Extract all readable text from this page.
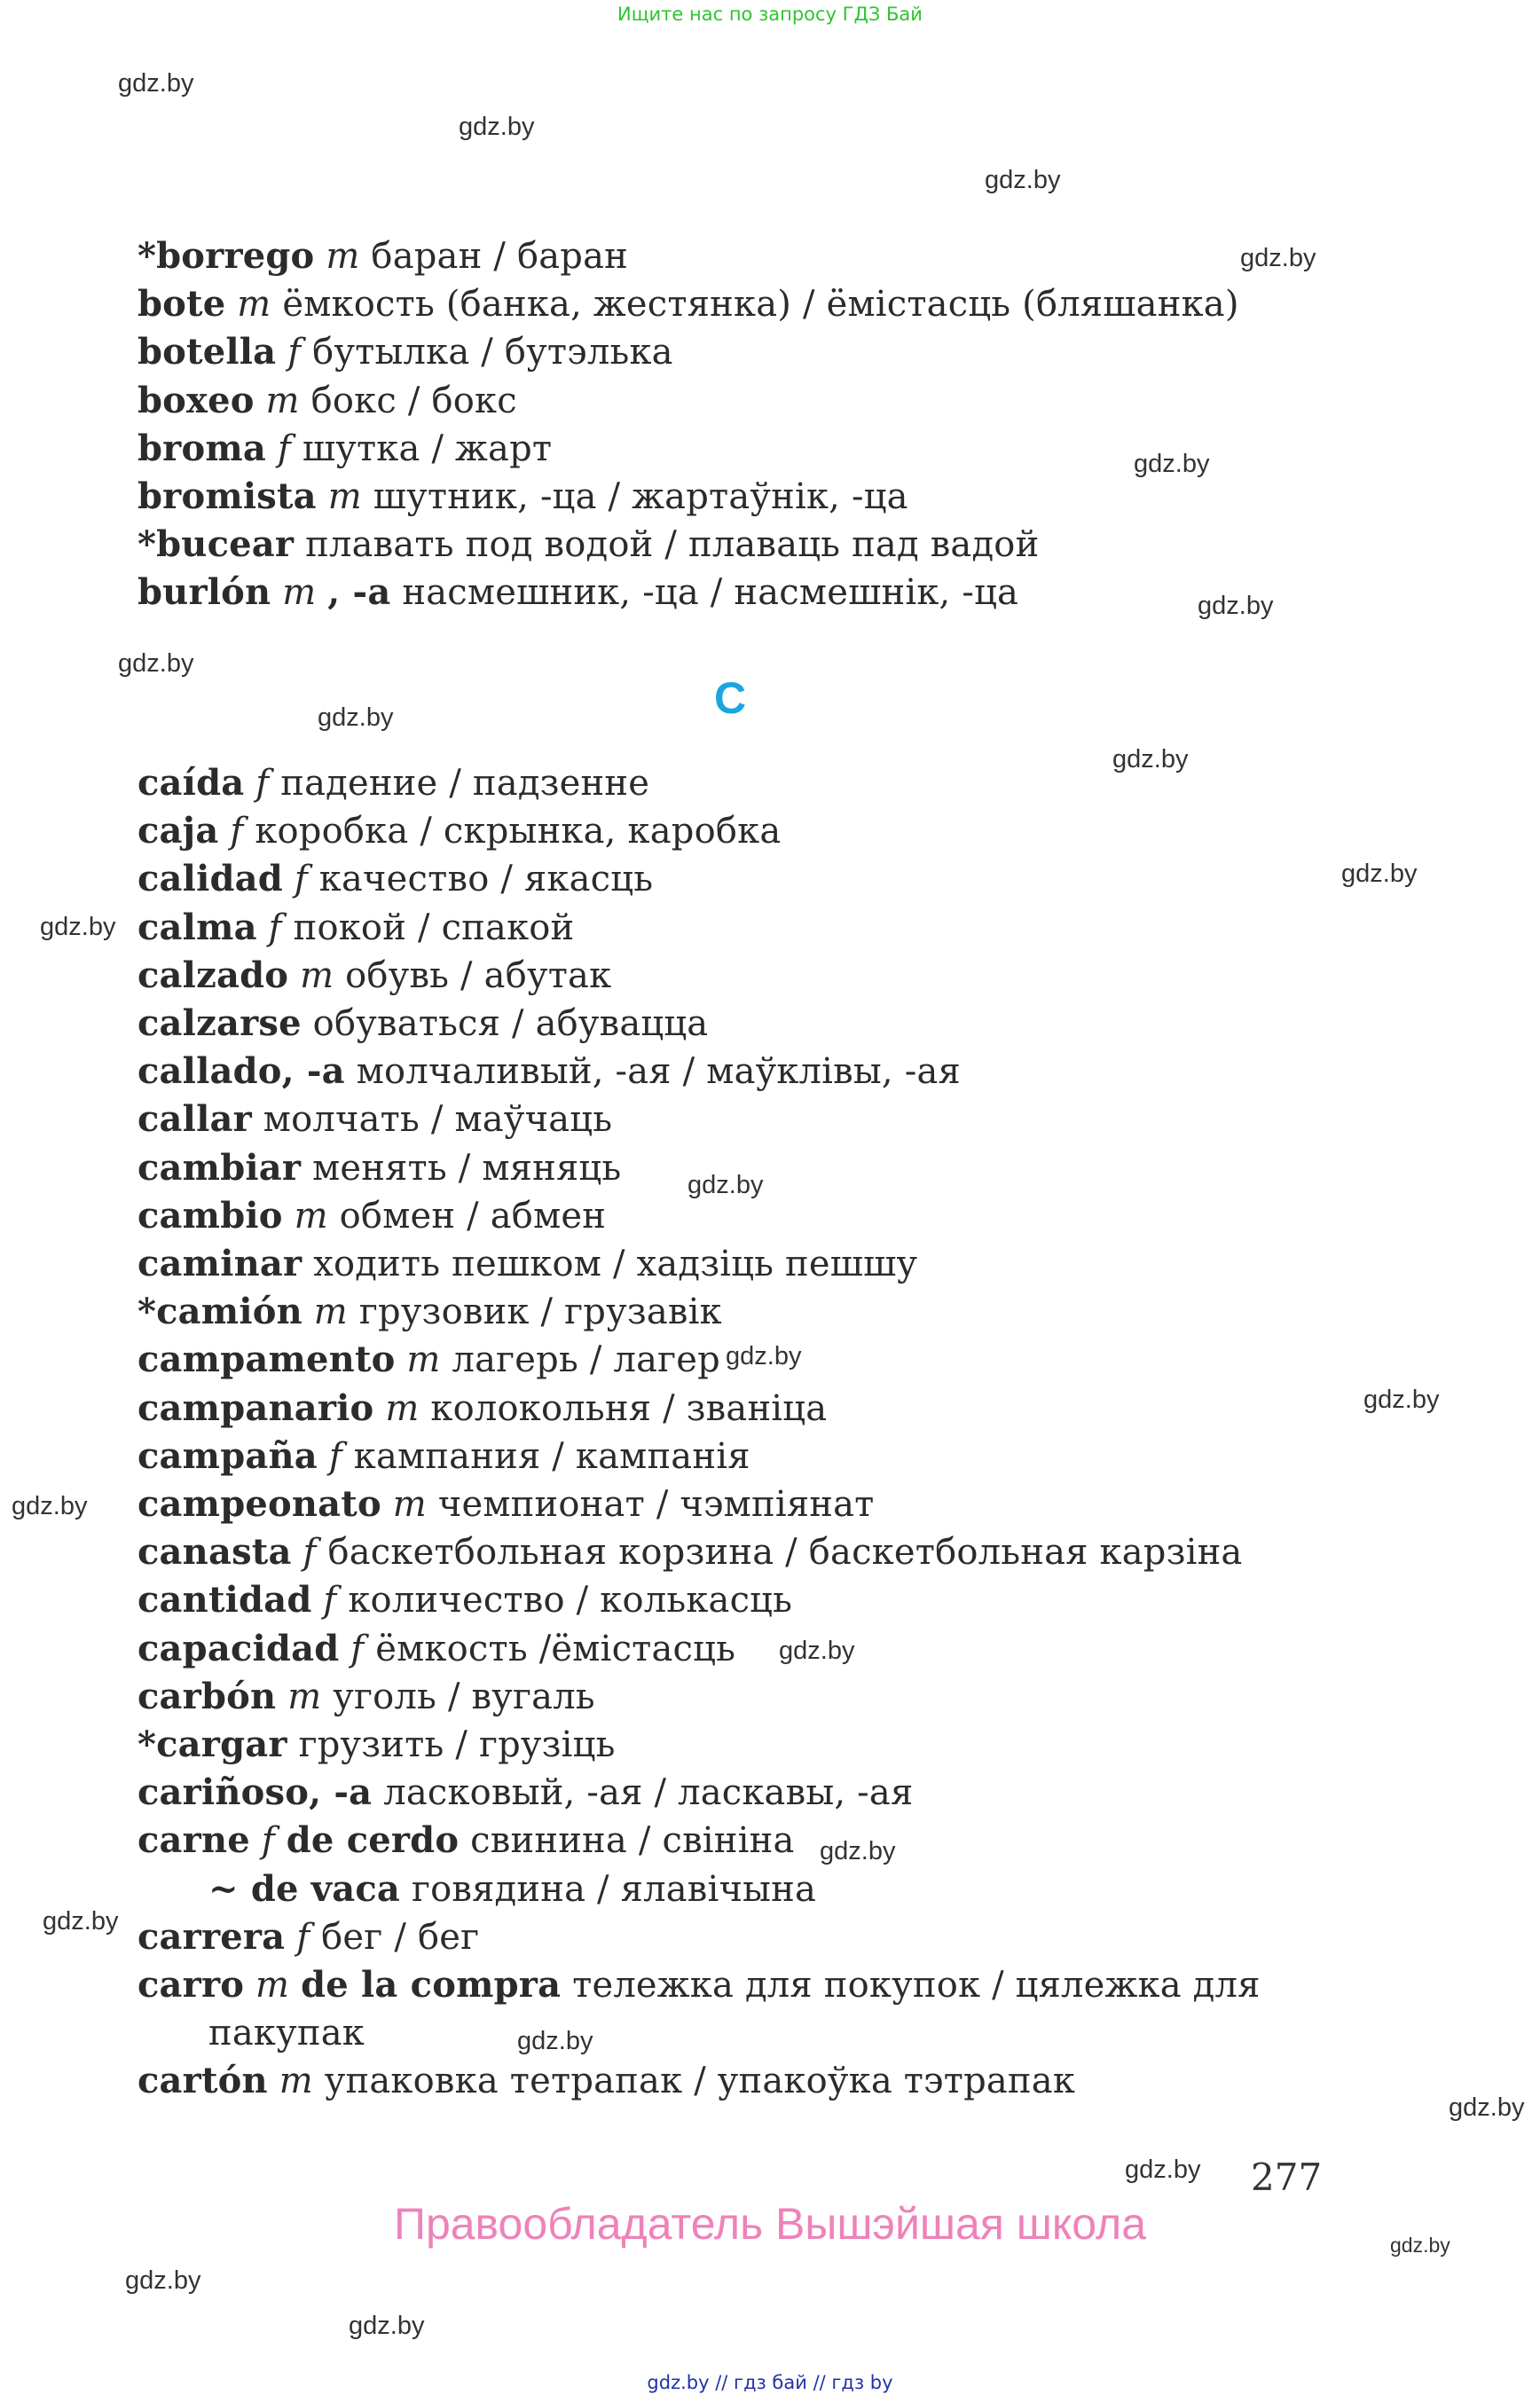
Ищите нас по запросу ГДЗ Бай
gdz.by
gdz.by
gdz.by
gdz.by
gdz.by
gdz.by
gdz.by
gdz.by
gdz.by
gdz.by
gdz.by
gdz.by
gdz.by
gdz.by
gdz.by
gdz.by
gdz.by
gdz.by
gdz.by
gdz.by
gdz.by
gdz.by
gdz.by
gdz.by
*borrego m баран / баран
bote m ёмкость (банка, жестянка) / ёмістасць (бляшанка)
botella f бутылка / бутэлька
boxeo m бокс / бокс
broma f шутка / жарт
bromista m шутник, -ца / жартаўнік, -ца
*bucear плавать под водой / плаваць пад вадой
burlón m , -a насмешник, -ца / насмешнік, -ца
C
caída f падение / падзенне
caja f коробка / скрынка, каробка
calidad f качество / якасць
calma f покой / спакой
calzado m обувь / абутак
calzarse обуваться / абувацца
callado, -a молчаливый, -ая / маўклівы, -ая
callar молчать / маўчаць
cambiar менять / мяняць
cambio m обмен / абмен
caminar ходить пешком / хадзіць пешшу
*camión m грузовик / грузавік
campamento m лагерь / лагер
campanario m колокольня / званіца
campaña f кампания / кампанія
campeonato m чемпионат / чэмпіянат
canasta f баскетбольная корзина / баскетбольная карзіна
cantidad f количество / колькасць
capacidad f ёмкость /ёмістасць
carbón m уголь / вугаль
*cargar грузить / грузіць
cariñoso, -a ласковый, -ая / ласкавы, -ая
carne f de cerdo свинина / свініна
~ de vaca говядина / ялавічына
carrera f бег / бег
carro m de la compra тележка для покупок / цялежка для
пакупак
cartón m упаковка тетрапак / упакоўка тэтрапак
277
Правообладатель Вышэйшая школа
gdz.by // гдз бай // гдз by
